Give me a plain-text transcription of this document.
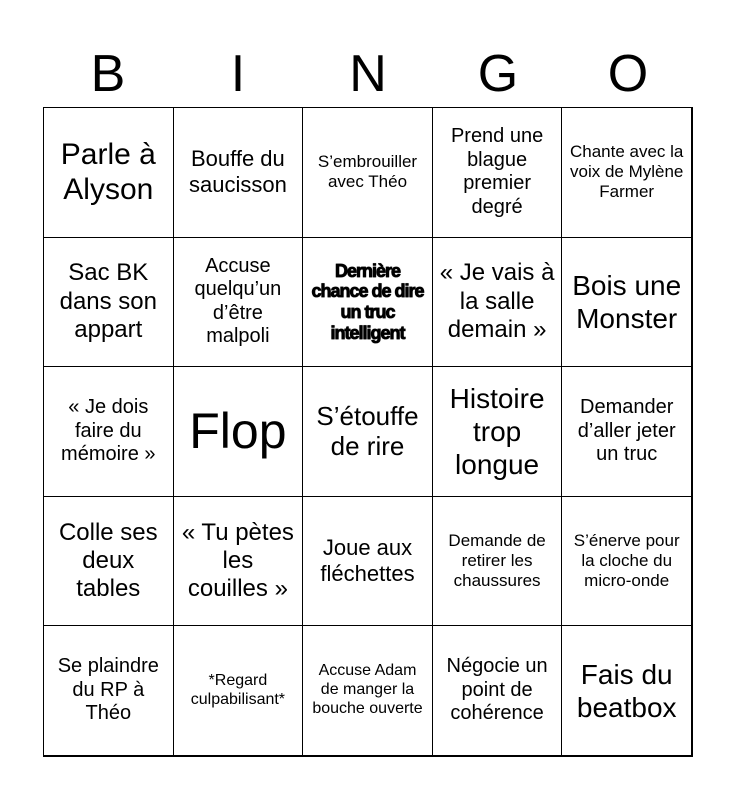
B	I	N	G	O
Parle à Alyson
Bouffe du saucisson
S’embrouiller avec Théo
Prend une blague premier degré
Chante avec la voix de Mylène Farmer
Sac BK dans son appart
Accuse quelqu’un d’être malpoli
Dernière chance de dire un truc intelligent
« Je vais à la salle demain »
Bois une Monster
« Je dois faire du mémoire » Flop	S’étouffe de rire
Histoire trop longue
Demander d’aller jeter un truc
Colle ses deux tables
« Tu pètes les couilles »
Joue aux fléchettes
Demande de retirer les chaussures
S’énerve pour la cloche du micro-onde
Se plaindre du RP à Théo
*Regard culpabilisant*
Accuse Adam de manger la bouche ouverte
Négocie un point de cohérence
Fais du beatbox
